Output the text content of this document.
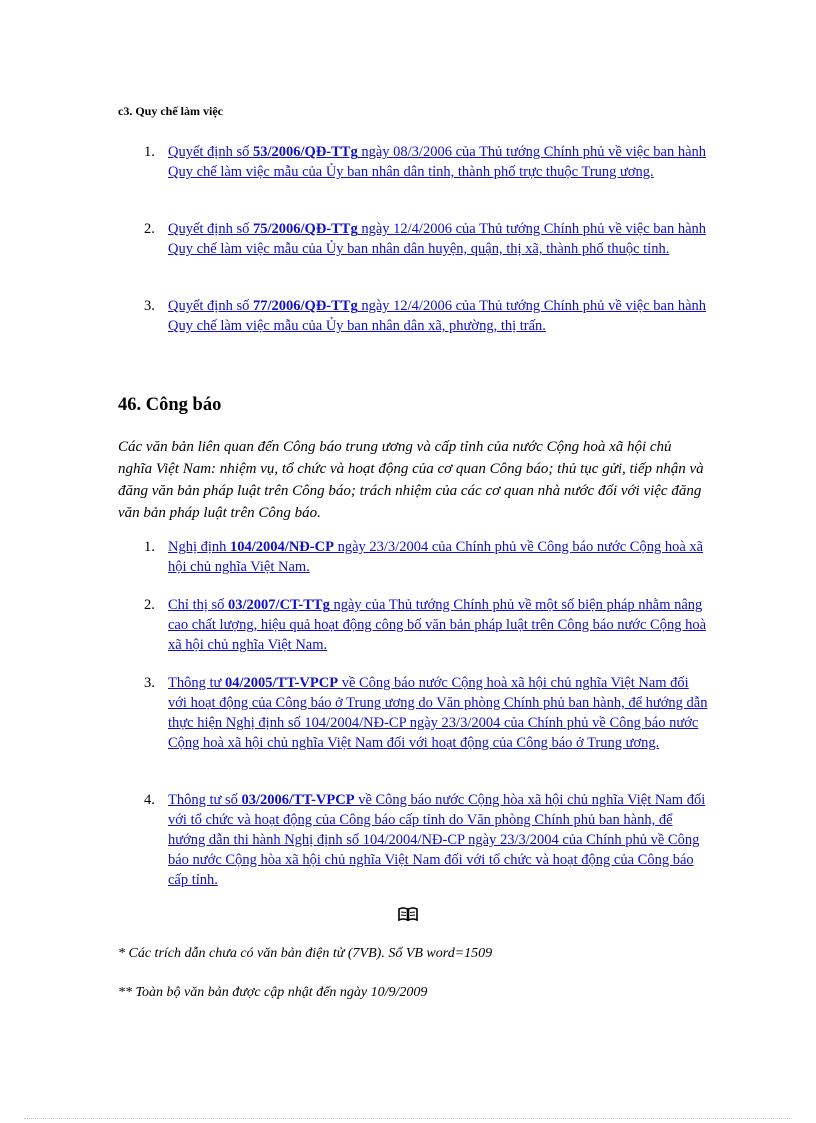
c3. Quy chế làm việc
1. Quyết định số 53/2006/QĐ-TTg ngày 08/3/2006 của Thủ tướng Chính phủ về việc ban hành Quy chế làm việc mẫu của Ủy ban nhân dân tỉnh, thành phố trực thuộc Trung ương.
2. Quyết định số 75/2006/QĐ-TTg ngày 12/4/2006 của Thủ tướng Chính phủ về việc ban hành Quy chế làm việc mẫu của Ủy ban nhân dân huyện, quận, thị xã, thành phố thuộc tỉnh.
3. Quyết định số 77/2006/QĐ-TTg ngày 12/4/2006 của Thủ tướng Chính phủ về việc ban hành Quy chế làm việc mẫu của Ủy ban nhân dân xã, phường, thị trấn.
46. Công báo
Các văn bản liên quan đến Công báo trung ương và cấp tỉnh của nước Cộng hoà xã hội chủ nghĩa Việt Nam: nhiệm vụ, tổ chức và hoạt động của cơ quan Công báo; thủ tục gửi, tiếp nhận và đăng văn bản pháp luật trên Công báo; trách nhiệm của các cơ quan nhà nước đối với việc đăng văn bản pháp luật trên Công báo.
1. Nghị định 104/2004/NĐ-CP ngày 23/3/2004 của Chính phủ về Công báo nước Cộng hoà xã hội chủ nghĩa Việt Nam.
2. Chỉ thị số 03/2007/CT-TTg ngày của Thủ tướng Chính phủ về một số biện pháp nhằm nâng cao chất lượng, hiệu quả hoạt động công bố văn bản pháp luật trên Công báo nước Cộng hoà xã hội chủ nghĩa Việt Nam.
3. Thông tư 04/2005/TT-VPCP về Công báo nước Cộng hoà xã hội chủ nghĩa Việt Nam đối với hoạt động của Công báo ở Trung ương do Văn phòng Chính phủ ban hành, để hướng dẫn thực hiện Nghị định số 104/2004/NĐ-CP ngày 23/3/2004 của Chính phủ về Công báo nước Cộng hoà xã hội chủ nghĩa Việt Nam đối với hoạt động của Công báo ở Trung ương.
4. Thông tư số 03/2006/TT-VPCP về Công báo nước Cộng hòa xã hội chủ nghĩa Việt Nam đối với tổ chức và hoạt động của Công báo cấp tỉnh do Văn phòng Chính phủ ban hành, để hướng dẫn thi hành Nghị định số 104/2004/NĐ-CP ngày 23/3/2004 của Chính phủ về Công báo nước Cộng hòa xã hội chủ nghĩa Việt Nam đối với tổ chức và hoạt động của Công báo cấp tỉnh.
* Các trích dẫn chưa có văn bản điện tử (7VB). Số VB word=1509
** Toàn bộ văn bản được cập nhật đến ngày 10/9/2009
